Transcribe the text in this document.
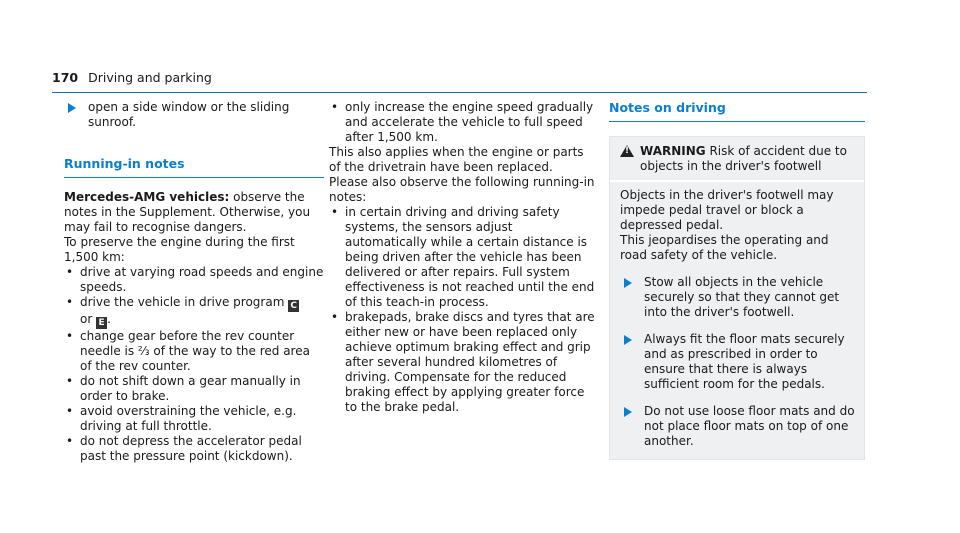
170 Driving and parking
open a side window or the sliding sunroof.
Running-in notes

Mercedes-AMG vehicles: observe the notes in the Supplement. Otherwise, you may fail to recognise dangers.

To preserve the engine during the first 1,500 km:

• drive at varying road speeds and engine speeds.
• drive the vehicle in drive program C
or E .
• change gear before the rev counter needle is ⅔ of the way to the red area of the rev counter.
• do not shift down a gear manually in order to brake.
• avoid overstraining the vehicle, e.g. driving at full throttle.
• do not depress the accelerator pedal past the pressure point (kickdown).
• only increase the engine speed gradually and accelerate the vehicle to full speed after 1,500 km.

This also applies when the engine or parts of the drivetrain have been replaced.

Please also observe the following running-in notes:

• in certain driving and driving safety systems, the sensors adjust automatically while a certain distance is being driven after the vehicle has been delivered or after repairs. Full system effectiveness is not reached until the end of this teach-in process.
• brakepads, brake discs and tyres that are either new or have been replaced only achieve optimum braking effect and grip after several hundred kilometres of driving. Compensate for the reduced braking effect by applying greater force to the brake pedal.
Notes on driving
!
WARNING Risk of accident due to objects in the driver's footwell

Objects in the driver's footwell may impede pedal travel or block a depressed pedal.

This jeopardises the operating and road safety of the vehicle.

Stow all objects in the vehicle securely so that they cannot get into the driver's footwell.
Always fit the floor mats securely and as prescribed in order to ensure that there is always sufficient room for the pedals.
Do not use loose floor mats and do not place floor mats on top of one another.
